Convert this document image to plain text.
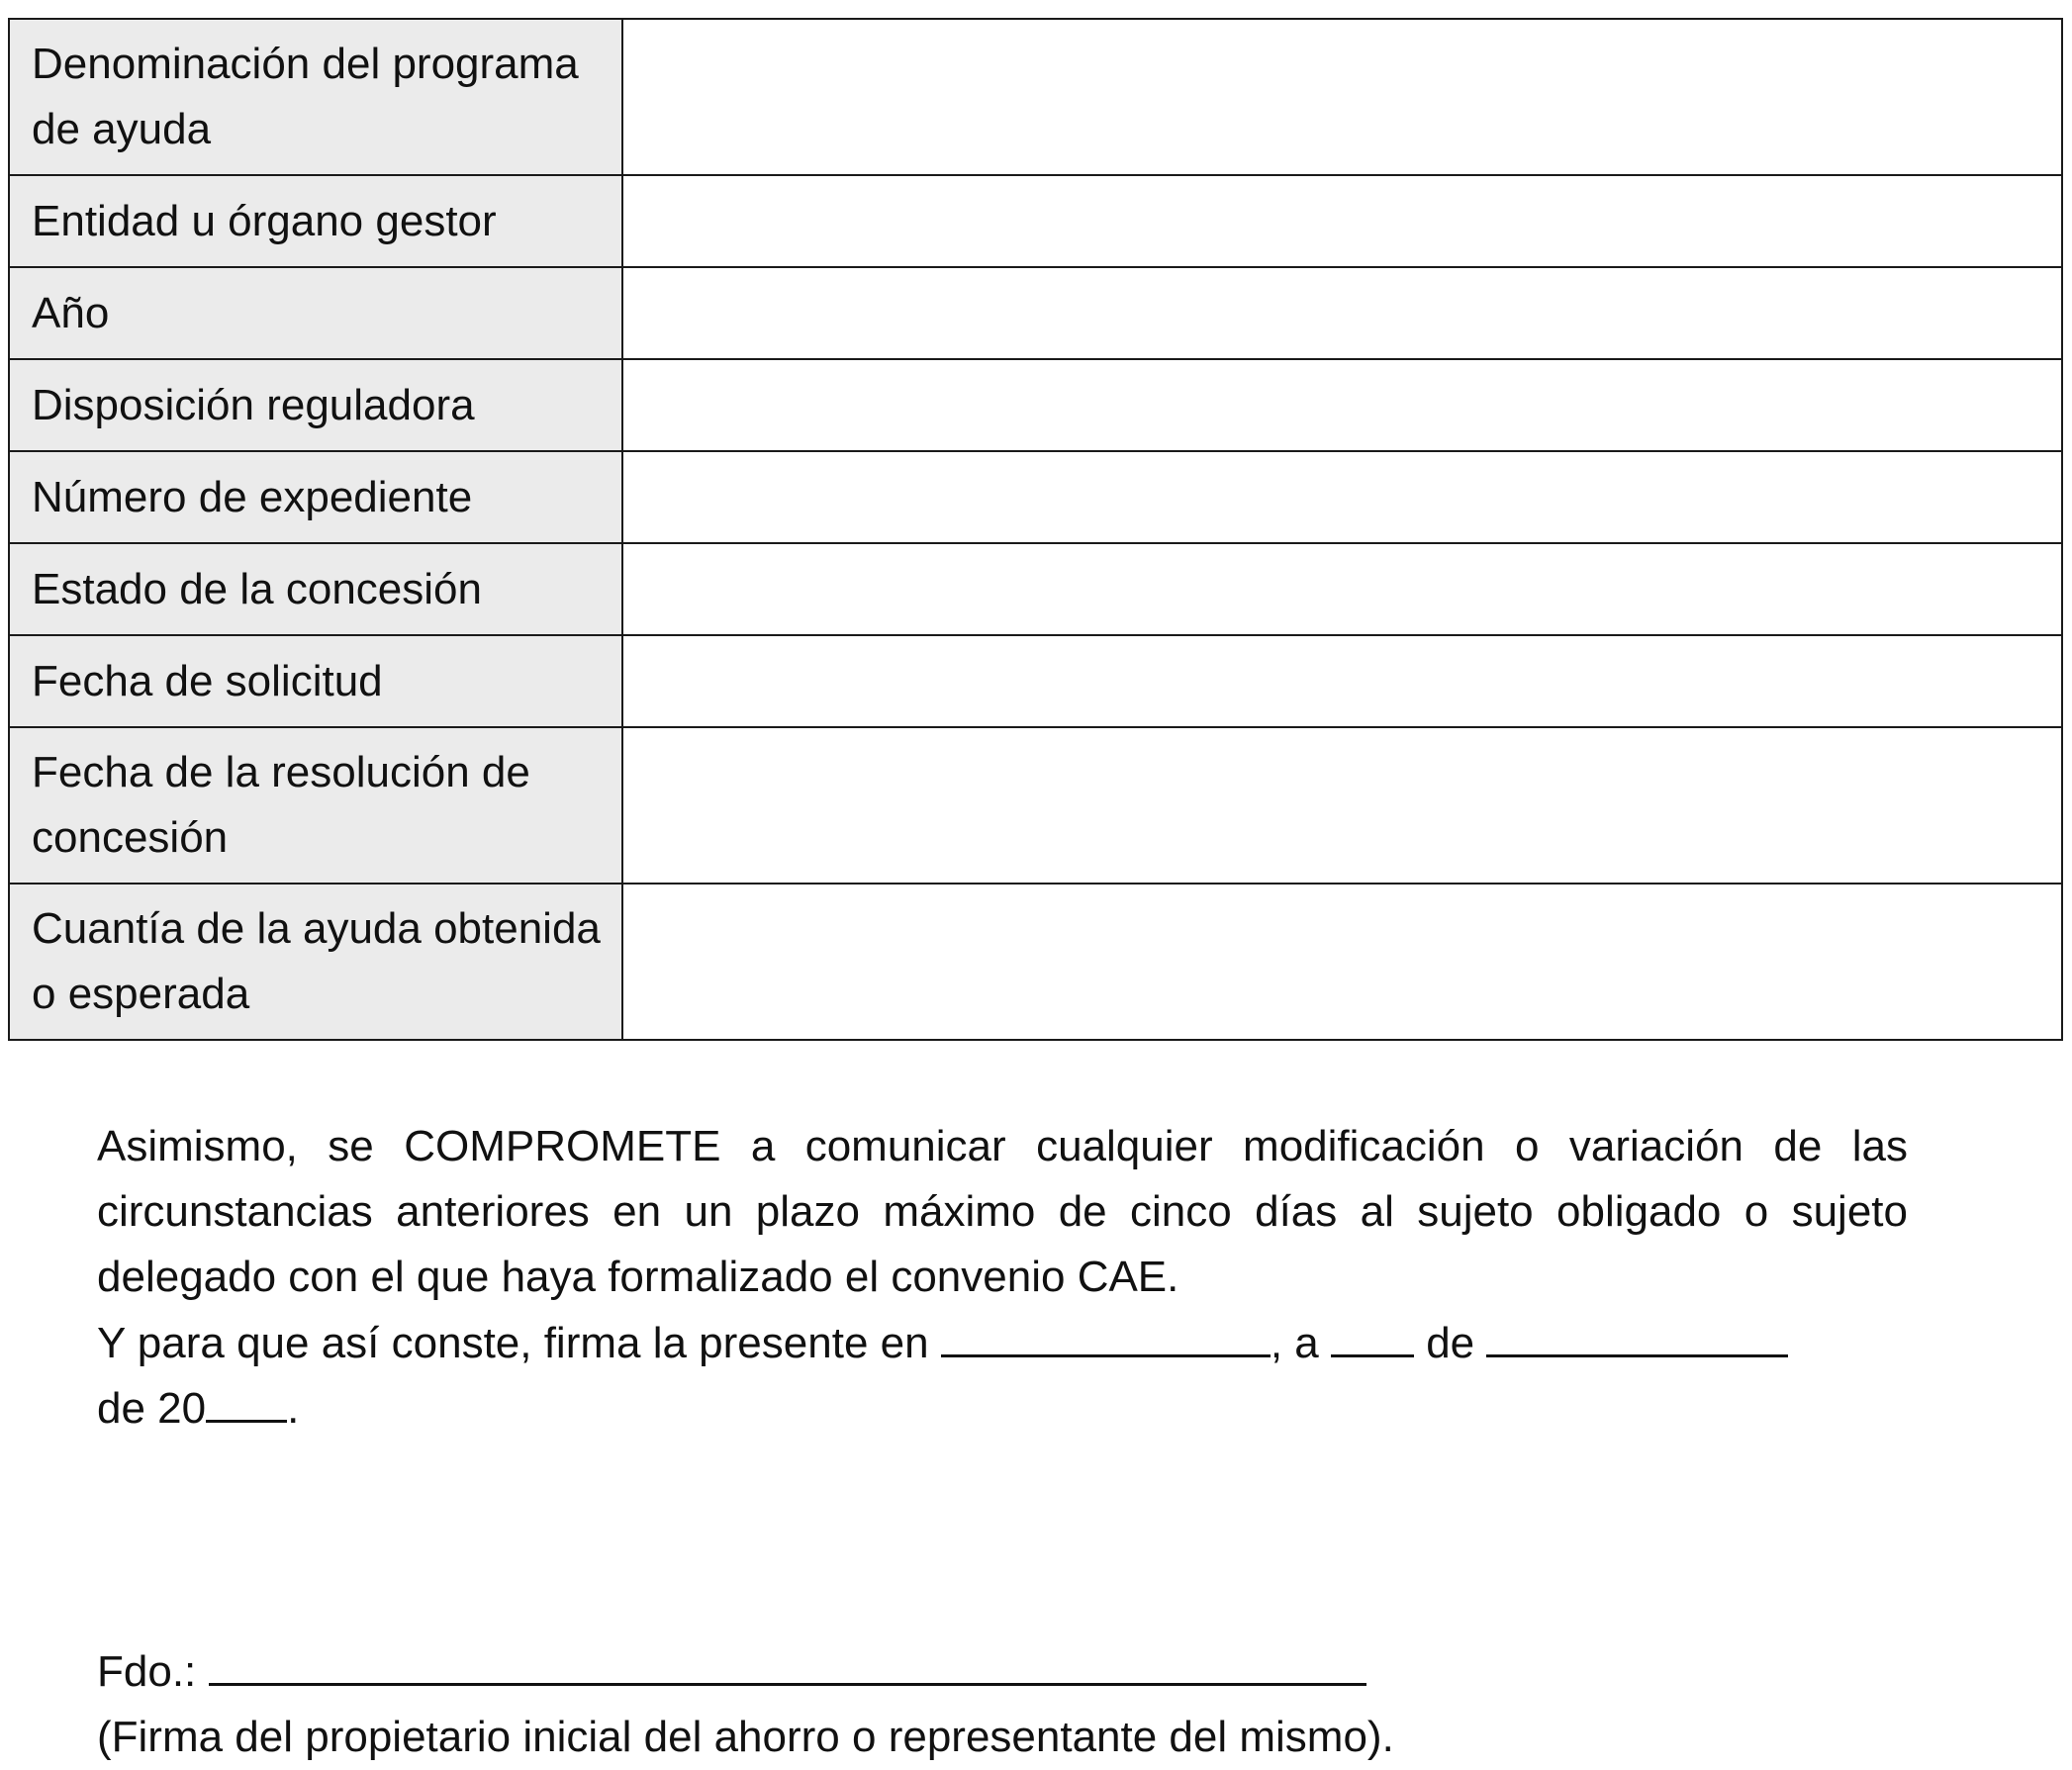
Denominación del programa de ayuda	

Entidad u órgano gestor	

Año	

Disposición reguladora	

Número de expediente	

Estado de la concesión	

Fecha de solicitud	

Fecha de la resolución de concesión	

Cuantía de la ayuda obtenida o esperada	

Asimismo, se COMPROMETE a comunicar cualquier modificación o variación de las circunstancias anteriores en un plazo máximo de cinco días al sujeto obligado o sujeto delegado con el que haya formalizado el convenio CAE.

Y para que así conste, firma la presente en	, a  de

de 20 .

Fdo.:

(Firma del propietario inicial del ahorro o representante del mismo).
